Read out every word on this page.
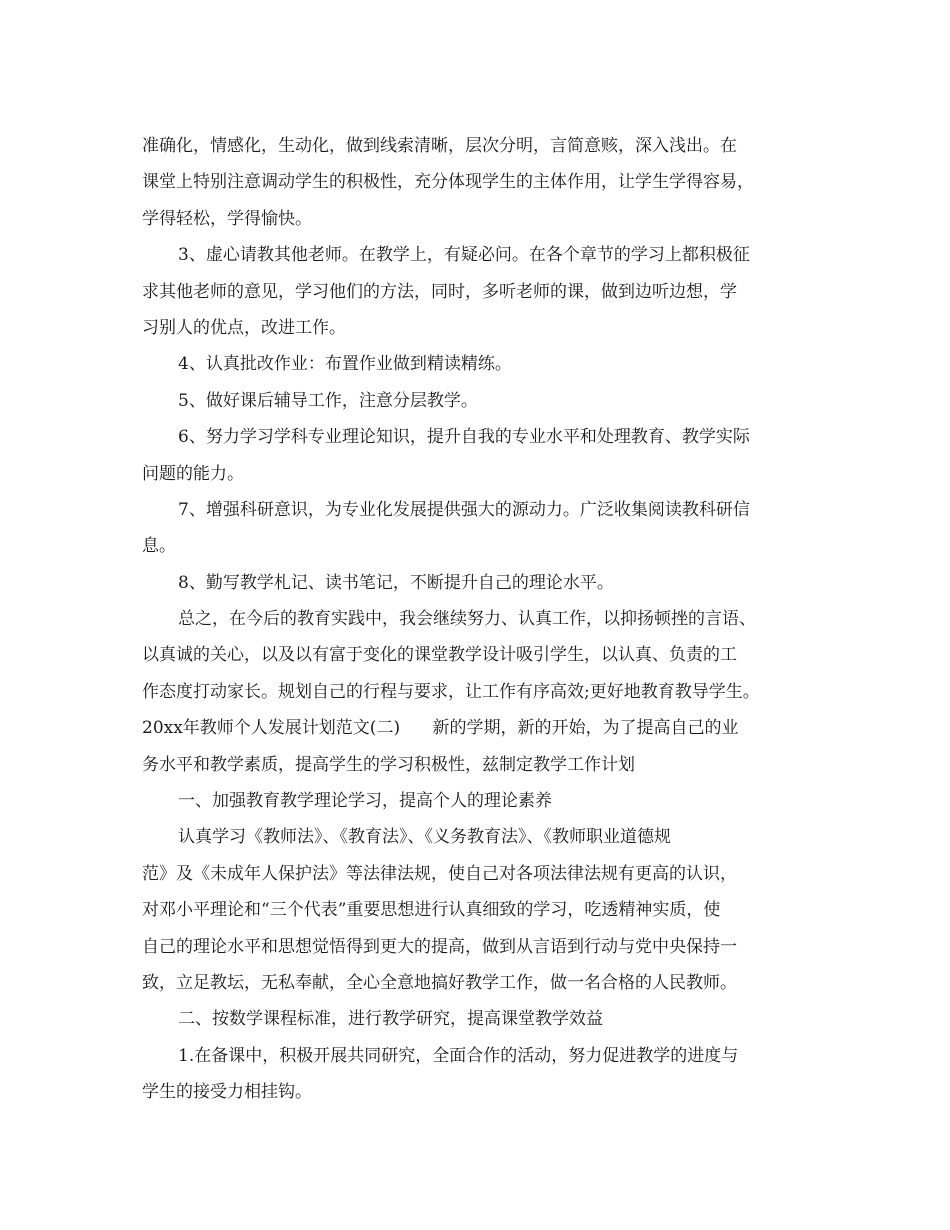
准确化，情感化，生动化，做到线索清晰，层次分明，言简意赅，深入浅出。在
课堂上特别注意调动学生的积极性，充分体现学生的主体作用，让学生学得容易，
学得轻松，学得愉快。
3、虚心请教其他老师。在教学上，有疑必问。在各个章节的学习上都积极征
求其他老师的意见，学习他们的方法，同时，多听老师的课，做到边听边想，学
习别人的优点，改进工作。
4、认真批改作业：布置作业做到精读精练。
5、做好课后辅导工作，注意分层教学。
6、努力学习学科专业理论知识，提升自我的专业水平和处理教育、教学实际
问题的能力。
7、增强科研意识，为专业化发展提供强大的源动力。广泛收集阅读教科研信
息。
8、勤写教学札记、读书笔记，不断提升自己的理论水平。
总之，在今后的教育实践中，我会继续努力、认真工作，以抑扬顿挫的言语、
以真诚的关心，以及以有富于变化的课堂教学设计吸引学生，以认真、负责的工
作态度打动家长。规划自己的行程与要求，让工作有序高效;更好地教育教导学生。
20xx年教师个人发展计划范文(二)      新的学期，新的开始，为了提高自己的业
务水平和教学素质，提高学生的学习积极性，兹制定教学工作计划
一、加强教育教学理论学习，提高个人的理论素养
认真学习《教师法》、《教育法》、《义务教育法》、《教师职业道德规
范》及《未成年人保护法》等法律法规，使自己对各项法律法规有更高的认识，
对邓小平理论和“三个代表”重要思想进行认真细致的学习，吃透精神实质，使
自己的理论水平和思想觉悟得到更大的提高，做到从言语到行动与党中央保持一
致，立足教坛，无私奉献，全心全意地搞好教学工作，做一名合格的人民教师。
二、按数学课程标准，进行教学研究，提高课堂教学效益
1.在备课中，积极开展共同研究，全面合作的活动，努力促进教学的进度与
学生的接受力相挂钩。
